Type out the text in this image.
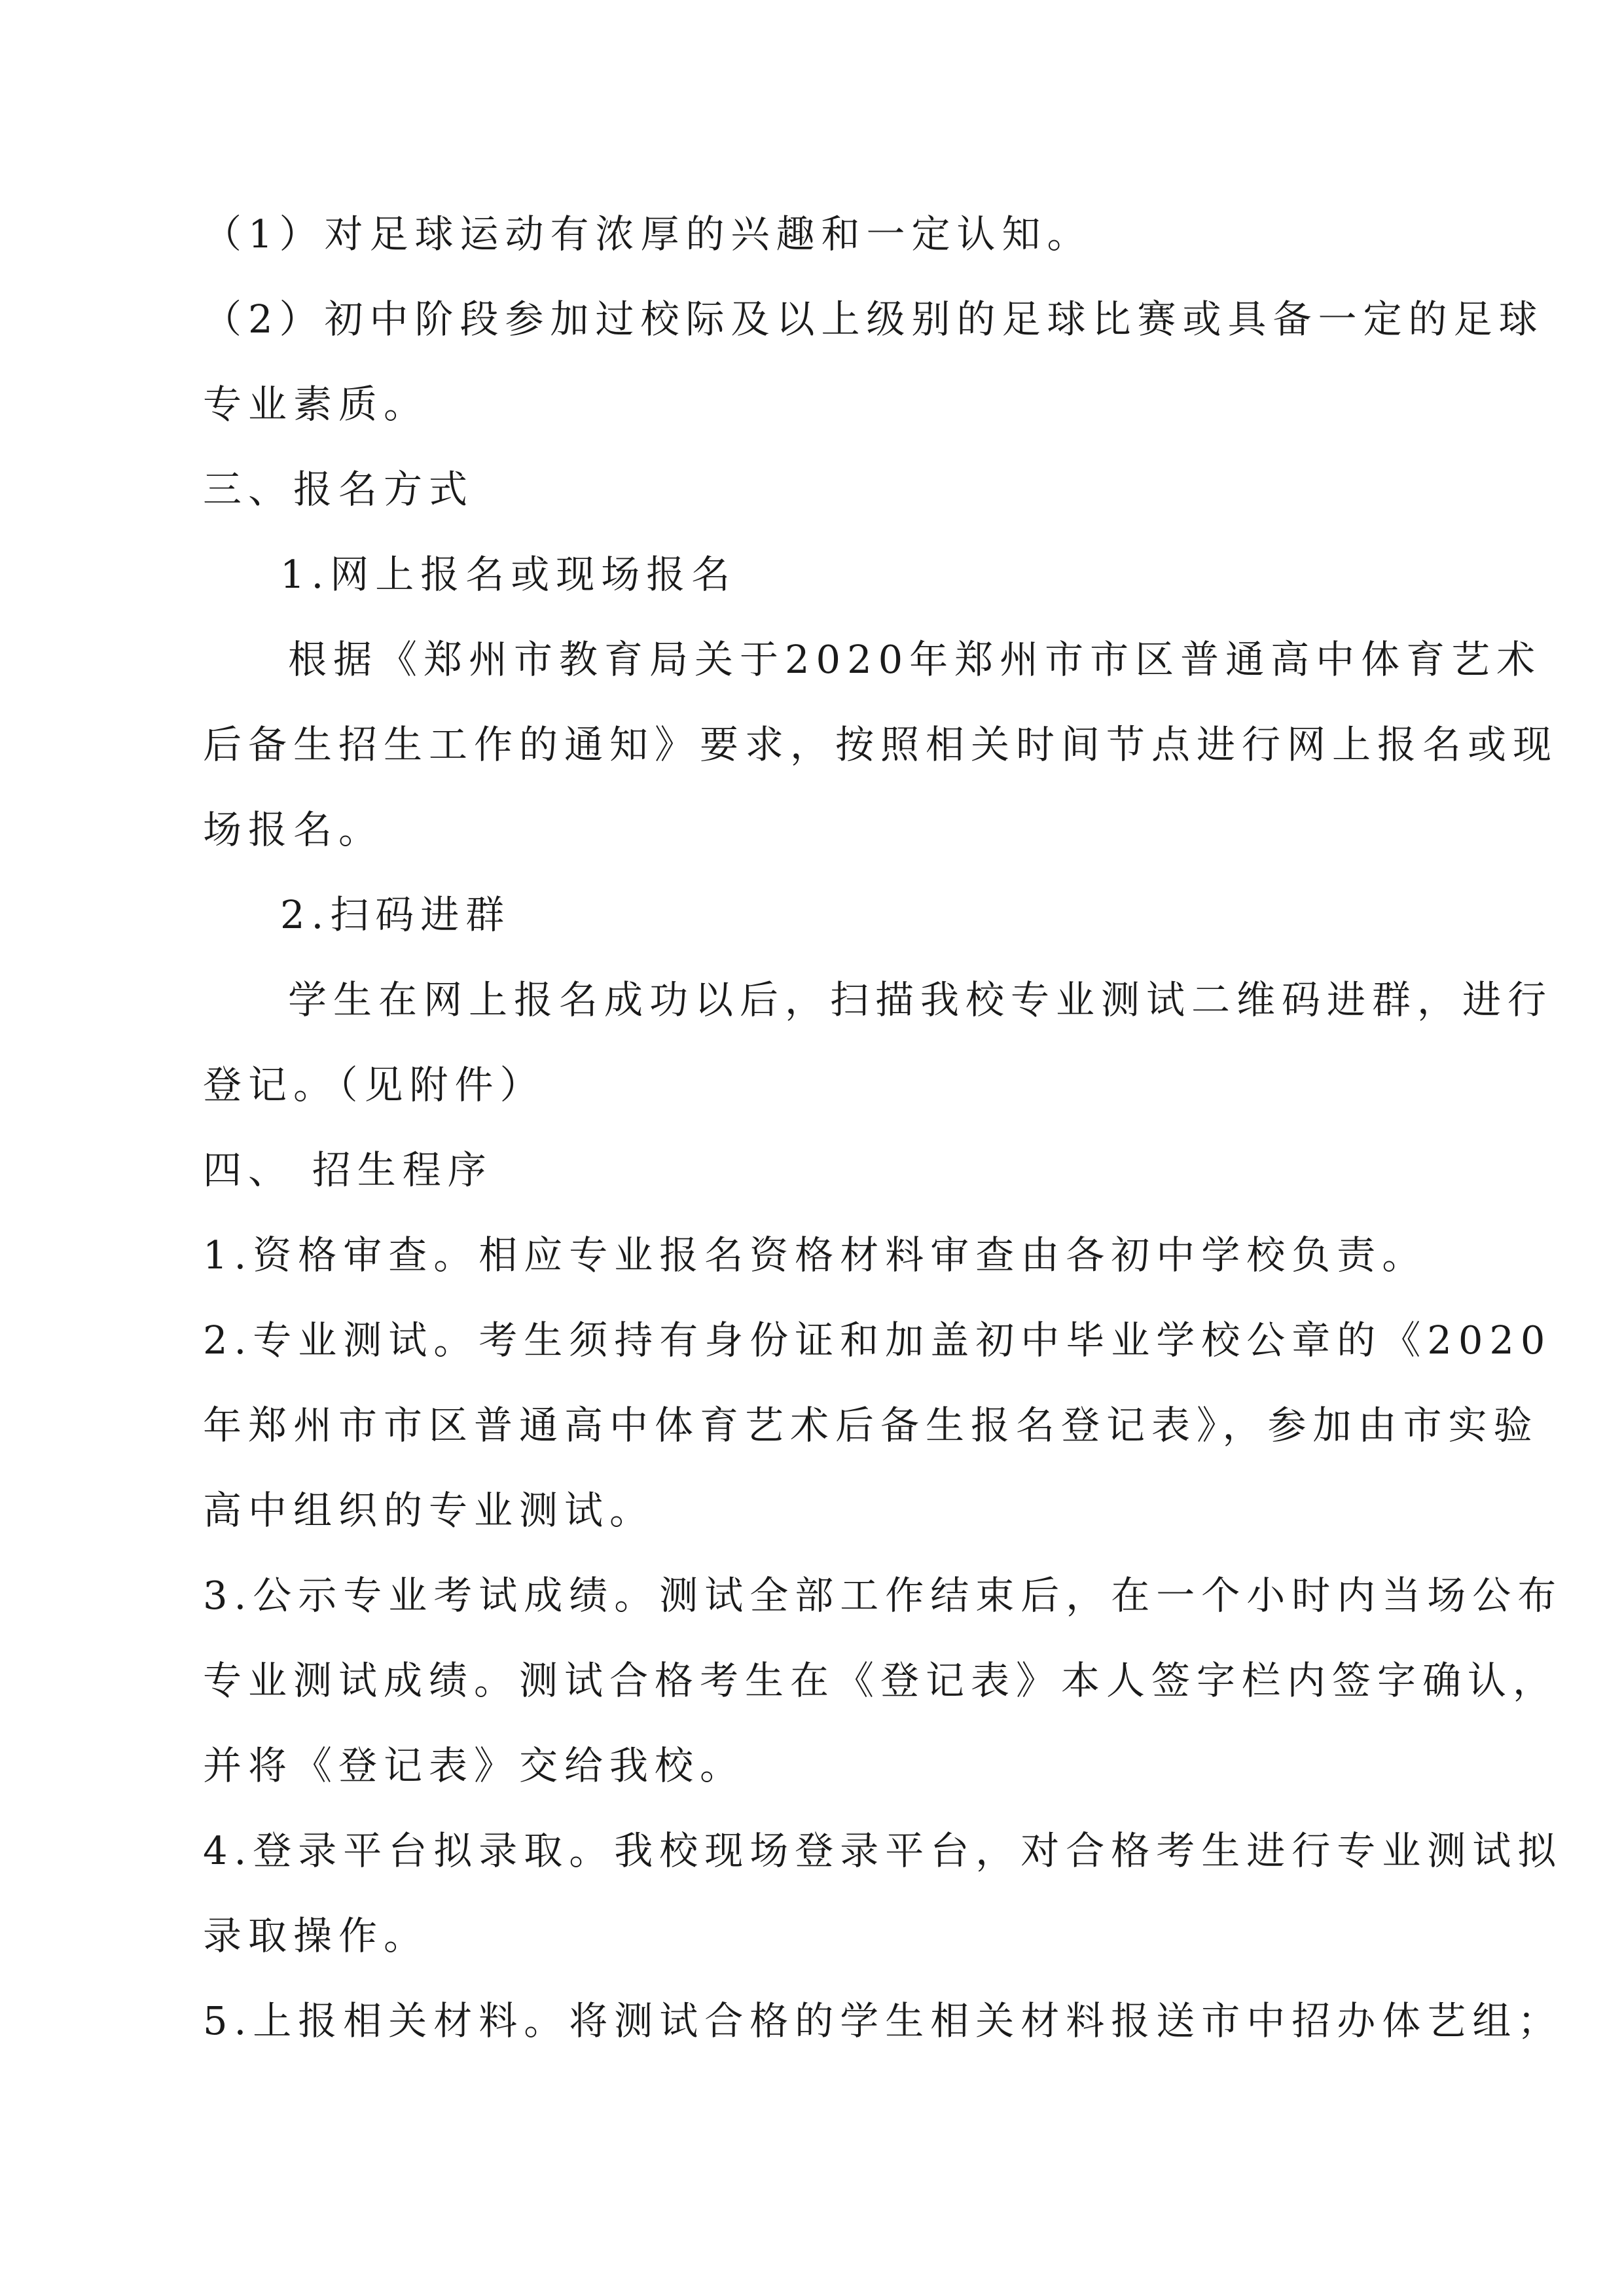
（1）对足球运动有浓厚的兴趣和一定认知。
（2）初中阶段参加过校际及以上级别的足球比赛或具备一定的足球
专业素质。
三、报名方式
1.网上报名或现场报名
根据《郑州市教育局关于2020年郑州市市区普通高中体育艺术
后备生招生工作的通知》要求，按照相关时间节点进行网上报名或现
场报名。
2.扫码进群
学生在网上报名成功以后，扫描我校专业测试二维码进群，进行
登记。（见附件）
四、 招生程序
1.资格审查。相应专业报名资格材料审查由各初中学校负责。
2.专业测试。考生须持有身份证和加盖初中毕业学校公章的《2020
年郑州市市区普通高中体育艺术后备生报名登记表》，参加由市实验
高中组织的专业测试。
3.公示专业考试成绩。测试全部工作结束后，在一个小时内当场公布
专业测试成绩。测试合格考生在《登记表》本人签字栏内签字确认，
并将《登记表》交给我校。
4.登录平台拟录取。我校现场登录平台，对合格考生进行专业测试拟
录取操作。
5.上报相关材料。将测试合格的学生相关材料报送市中招办体艺组；
